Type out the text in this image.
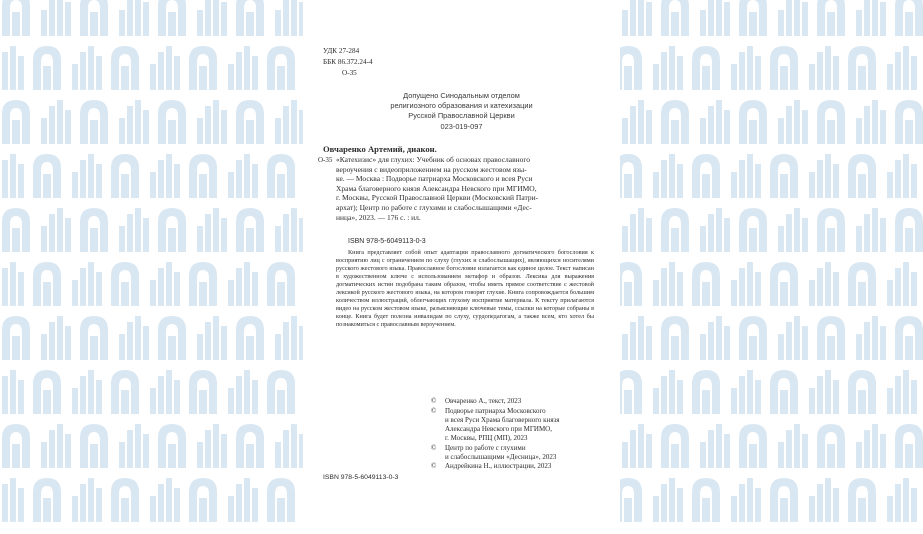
УДК 27-284
ББК 86.372.24-4
О-35
Допущено Синодальным отделом
религиозного образования и катехизации
Русской Православной Церкви
023-019-097
Овчаренко Артемий, диакон.
О-35 «Катехизис» для глухих: Учебник об основах православного
вероучения с видеоприложением на русском жестовом язы-
ке. — Москва : Подворье патриарха Московского и всея Руси
Храма благоверного князя Александра Невского при МГИМО,
г. Москвы, Русской Православной Церкви (Московский Патри-
архат); Центр по работе с глухими и слабослышащими «Дес-
ница», 2023. — 176 с. : ил.
ISBN 978-5-6049113-0-3
Книга представляет собой опыт адаптации православного догматического богословия к восприятию лиц с ограничением по слуху (глухих и слабослышащих), являющихся носителями русского жестового языка. Православное богословие излагается как единое целое. Текст написан в художественном ключе с использованием метафор и образов. Лексика для выражения догматических истин подобрана таким образом, чтобы иметь прямое соответствие с жестовой лексикой русского жестового языка, на котором говорят глухие. Книга сопровождается большим количеством иллюстраций, облегчающих глухому восприятие материала. К тексту прилагаются видео на русском жестовом языке, разъясняющие ключевые темы, ссылки на которые собраны в конце. Книга будет полезна инвалидам по слуху, сурдопедагогам, а также всем, кто хотел бы познакомиться с православным вероучением.
© Овчаренко А., текст, 2023
© Подворье патриарха Московского
и всея Руси Храма благоверного князя
Александра Невского при МГИМО,
г. Москвы, РПЦ (МП), 2023
© Центр по работе с глухими
и слабослышащими «Десница», 2023
© Андрейкина Н., иллюстрации, 2023
ISBN 978-5-6049113-0-3
